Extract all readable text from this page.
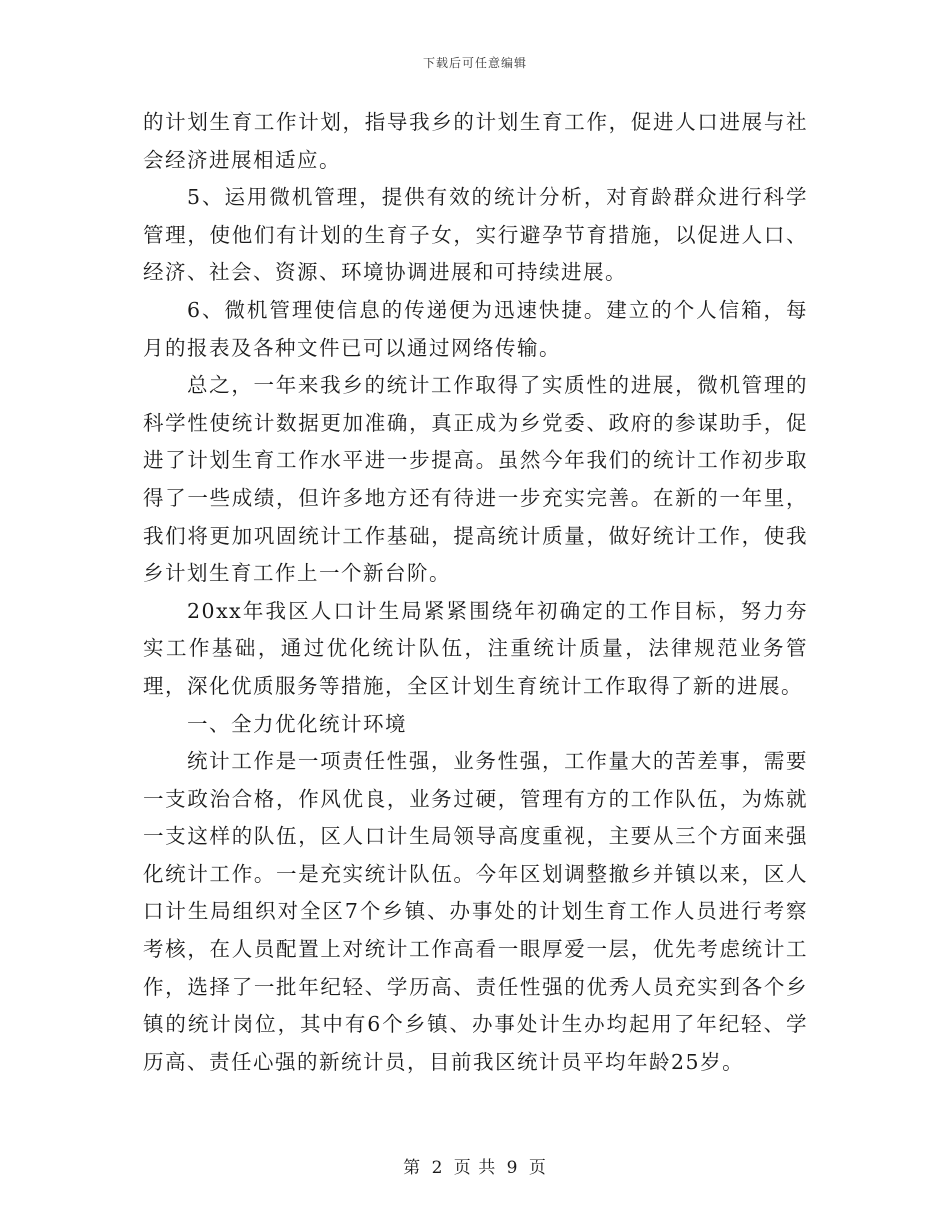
下载后可任意编辑

的计划生育工作计划，指导我乡的计划生育工作，促进人口进展与社会经济进展相适应。

5、运用微机管理，提供有效的统计分析，对育龄群众进行科学管理，使他们有计划的生育子女，实行避孕节育措施，以促进人口、经济、社会、资源、环境协调进展和可持续进展。

6、微机管理使信息的传递便为迅速快捷。建立的个人信箱，每月的报表及各种文件已可以通过网络传输。

总之，一年来我乡的统计工作取得了实质性的进展，微机管理的科学性使统计数据更加准确，真正成为乡党委、政府的参谋助手，促进了计划生育工作水平进一步提高。虽然今年我们的统计工作初步取得了一些成绩，但许多地方还有待进一步充实完善。在新的一年里，我们将更加巩固统计工作基础，提高统计质量，做好统计工作，使我乡计划生育工作上一个新台阶。

20xx年我区人口计生局紧紧围绕年初确定的工作目标，努力夯实工作基础，通过优化统计队伍，注重统计质量，法律规范业务管理，深化优质服务等措施，全区计划生育统计工作取得了新的进展。

一、全力优化统计环境

统计工作是一项责任性强，业务性强，工作量大的苦差事，需要一支政治合格，作风优良，业务过硬，管理有方的工作队伍，为炼就一支这样的队伍，区人口计生局领导高度重视，主要从三个方面来强化统计工作。一是充实统计队伍。今年区划调整撤乡并镇以来，区人口计生局组织对全区7个乡镇、办事处的计划生育工作人员进行考察考核，在人员配置上对统计工作高看一眼厚爱一层，优先考虑统计工作，选择了一批年纪轻、学历高、责任性强的优秀人员充实到各个乡镇的统计岗位，其中有6个乡镇、办事处计生办均起用了年纪轻、学历高、责任心强的新统计员，目前我区统计员平均年龄25岁。

第 2 页 共 9 页
